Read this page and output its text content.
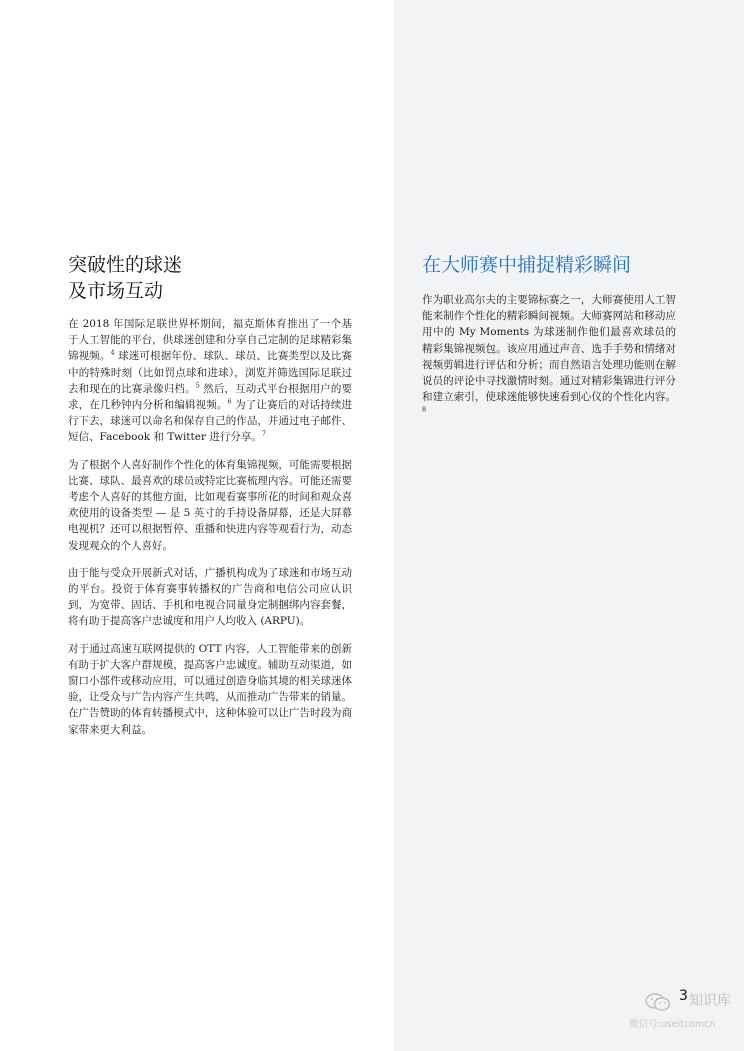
突破性的球迷
及市场互动

在 2018 年国际足联世界杯期间，福克斯体育推出了一个基于人工智能的平台，供球迷创建和分享自己定制的足球精彩集锦视频。$^4$ 球迷可根据年份、球队、球员、比赛类型以及比赛中的特殊时刻（比如罚点球和进球），浏览并筛选国际足联过去和现在的比赛录像归档。$^5$ 然后，互动式平台根据用户的要求，在几秒钟内分析和编辑视频。$^6$ 为了让赛后的对话持续进行下去，球迷可以命名和保存自己的作品，并通过电子邮件、短信、Facebook 和 Twitter 进行分享。$^7$

为了根据个人喜好制作个性化的体育集锦视频，可能需要根据比赛、球队、最喜欢的球员或特定比赛梳理内容。可能还需要考虑个人喜好的其他方面，比如观看赛事所花的时间和观众喜欢使用的设备类型 — 是 5 英寸的手持设备屏幕，还是大屏幕电视机？还可以根据暂停、重播和快进内容等观看行为，动态发现观众的个人喜好。

由于能与受众开展新式对话，广播机构成为了球迷和市场互动的平台。投资于体育赛事转播权的广告商和电信公司应认识到，为宽带、固话、手机和电视合同量身定制捆绑内容套餐，将有助于提高客户忠诚度和用户人均收入 (ARPU)。

对于通过高速互联网提供的 OTT 内容，人工智能带来的创新有助于扩大客户群规模，提高客户忠诚度。辅助互动渠道，如窗口小部件或移动应用，可以通过创造身临其境的相关球迷体验，让受众与广告内容产生共鸣，从而推动广告带来的销量。在广告赞助的体育转播模式中，这种体验可以让广告时段为商家带来更大利益。

在大师赛中捕捉精彩瞬间

作为职业高尔夫的主要锦标赛之一，大师赛使用人工智能来制作个性化的精彩瞬间视频。大师赛网站和移动应用中的 My Moments 为球迷制作他们最喜欢球员的精彩集锦视频包。该应用通过声音、选手手势和情绪对视频剪辑进行评估和分析；而自然语言处理功能则在解说员的评论中寻找激情时刻。通过对精彩集锦进行评分和建立索引，使球迷能够快速看到心仪的个性化内容。$^8$

知识库
微信号:useitcomcn
3
